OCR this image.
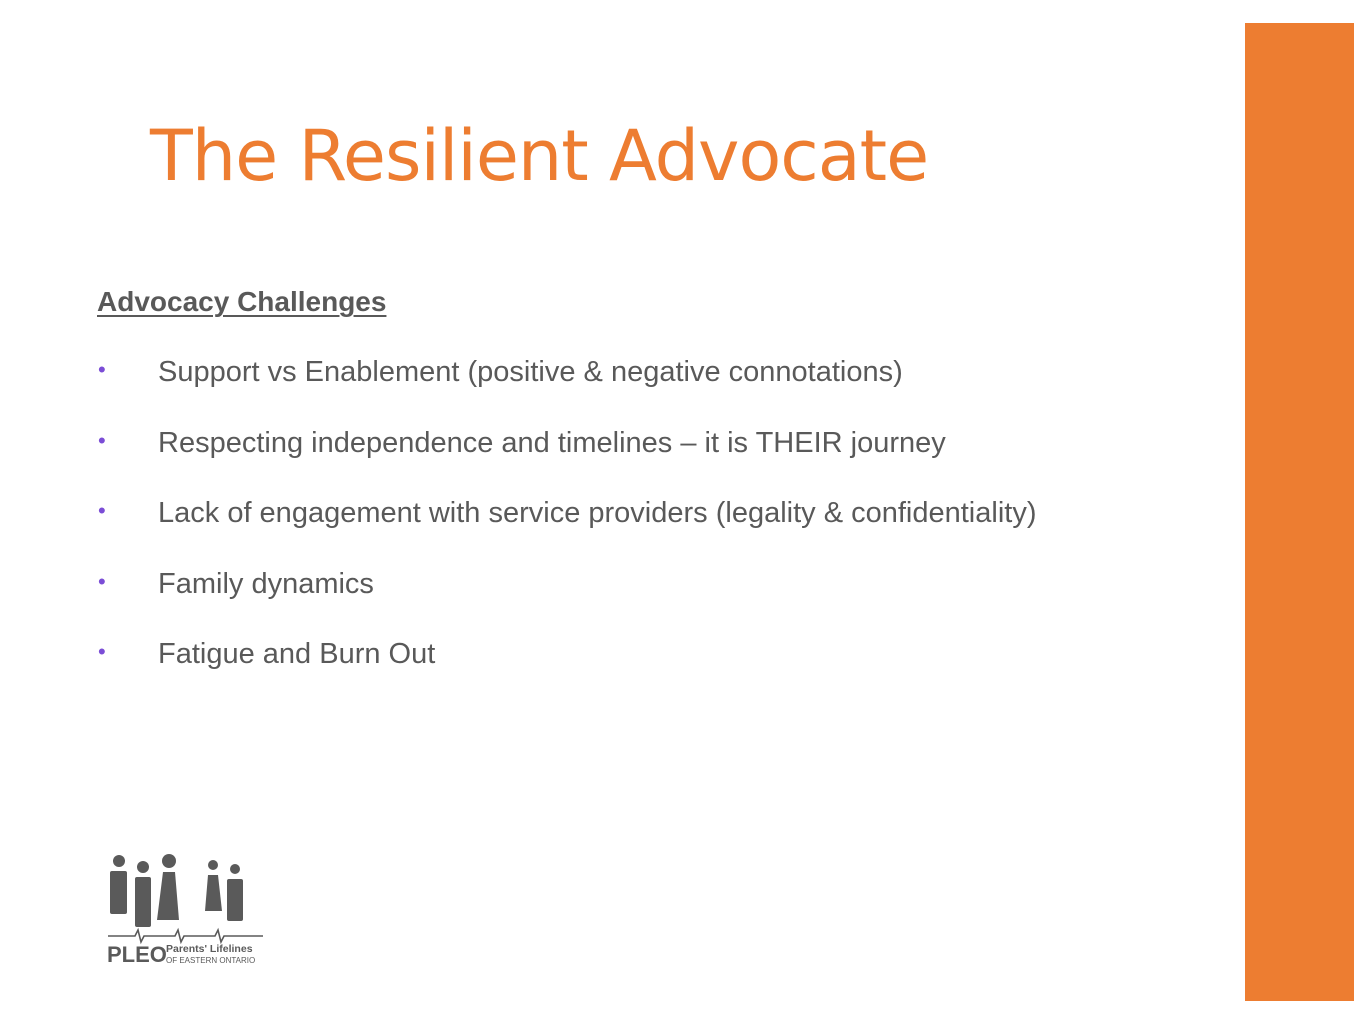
The Resilient Advocate
Advocacy Challenges
• Support vs Enablement (positive & negative connotations)
• Respecting independence and timelines – it is THEIR journey
• Lack of engagement with service providers (legality & confidentiality)
• Family dynamics
• Fatigue and Burn Out
PLEO Parents' Lifelines
OF EASTERN ONTARIO
